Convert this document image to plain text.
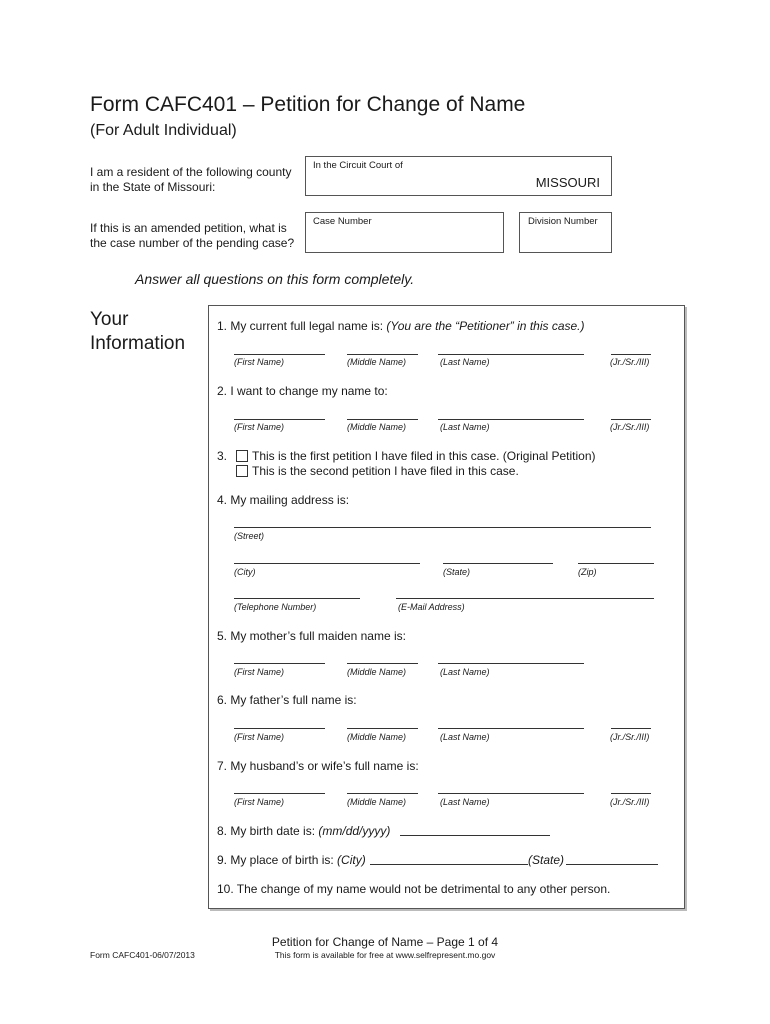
Form CAFC401 – Petition for Change of Name
(For Adult Individual)
I am a resident of the following county
in the State of Missouri:
In the Circuit Court of
MISSOURI
If this is an amended petition, what is
the case number of the pending case?
Case Number	Division Number
Answer all questions on this form completely.
Your
Information
1. My current full legal name is: (You are the “Petitioner” in this case.)
(First Name)	(Middle Name)	(Last Name)	(Jr./Sr./III)
2. I want to change my name to:
(First Name)	(Middle Name)	(Last Name)	(Jr./Sr./III)
3. This is the first petition I have filed in this case. (Original Petition)
This is the second petition I have filed in this case.
4. My mailing address is:
(Street)
(City)	(State)	(Zip)
(Telephone Number)	(E-Mail Address)
5. My mother’s full maiden name is:
(First Name)	(Middle Name)	(Last Name)
6. My father’s full name is:
(First Name)	(Middle Name)	(Last Name)	(Jr./Sr./III)
7. My husband’s or wife’s full name is:
(First Name)	(Middle Name)	(Last Name)	(Jr./Sr./III)
8. My birth date is: (mm/dd/yyyy)
9. My place of birth is: (City)	(State)
10. The change of my name would not be detrimental to any other person.
Petition for Change of Name – Page 1 of 4
This form is available for free at www.selfrepresent.mo.gov
Form CAFC401-06/07/2013
